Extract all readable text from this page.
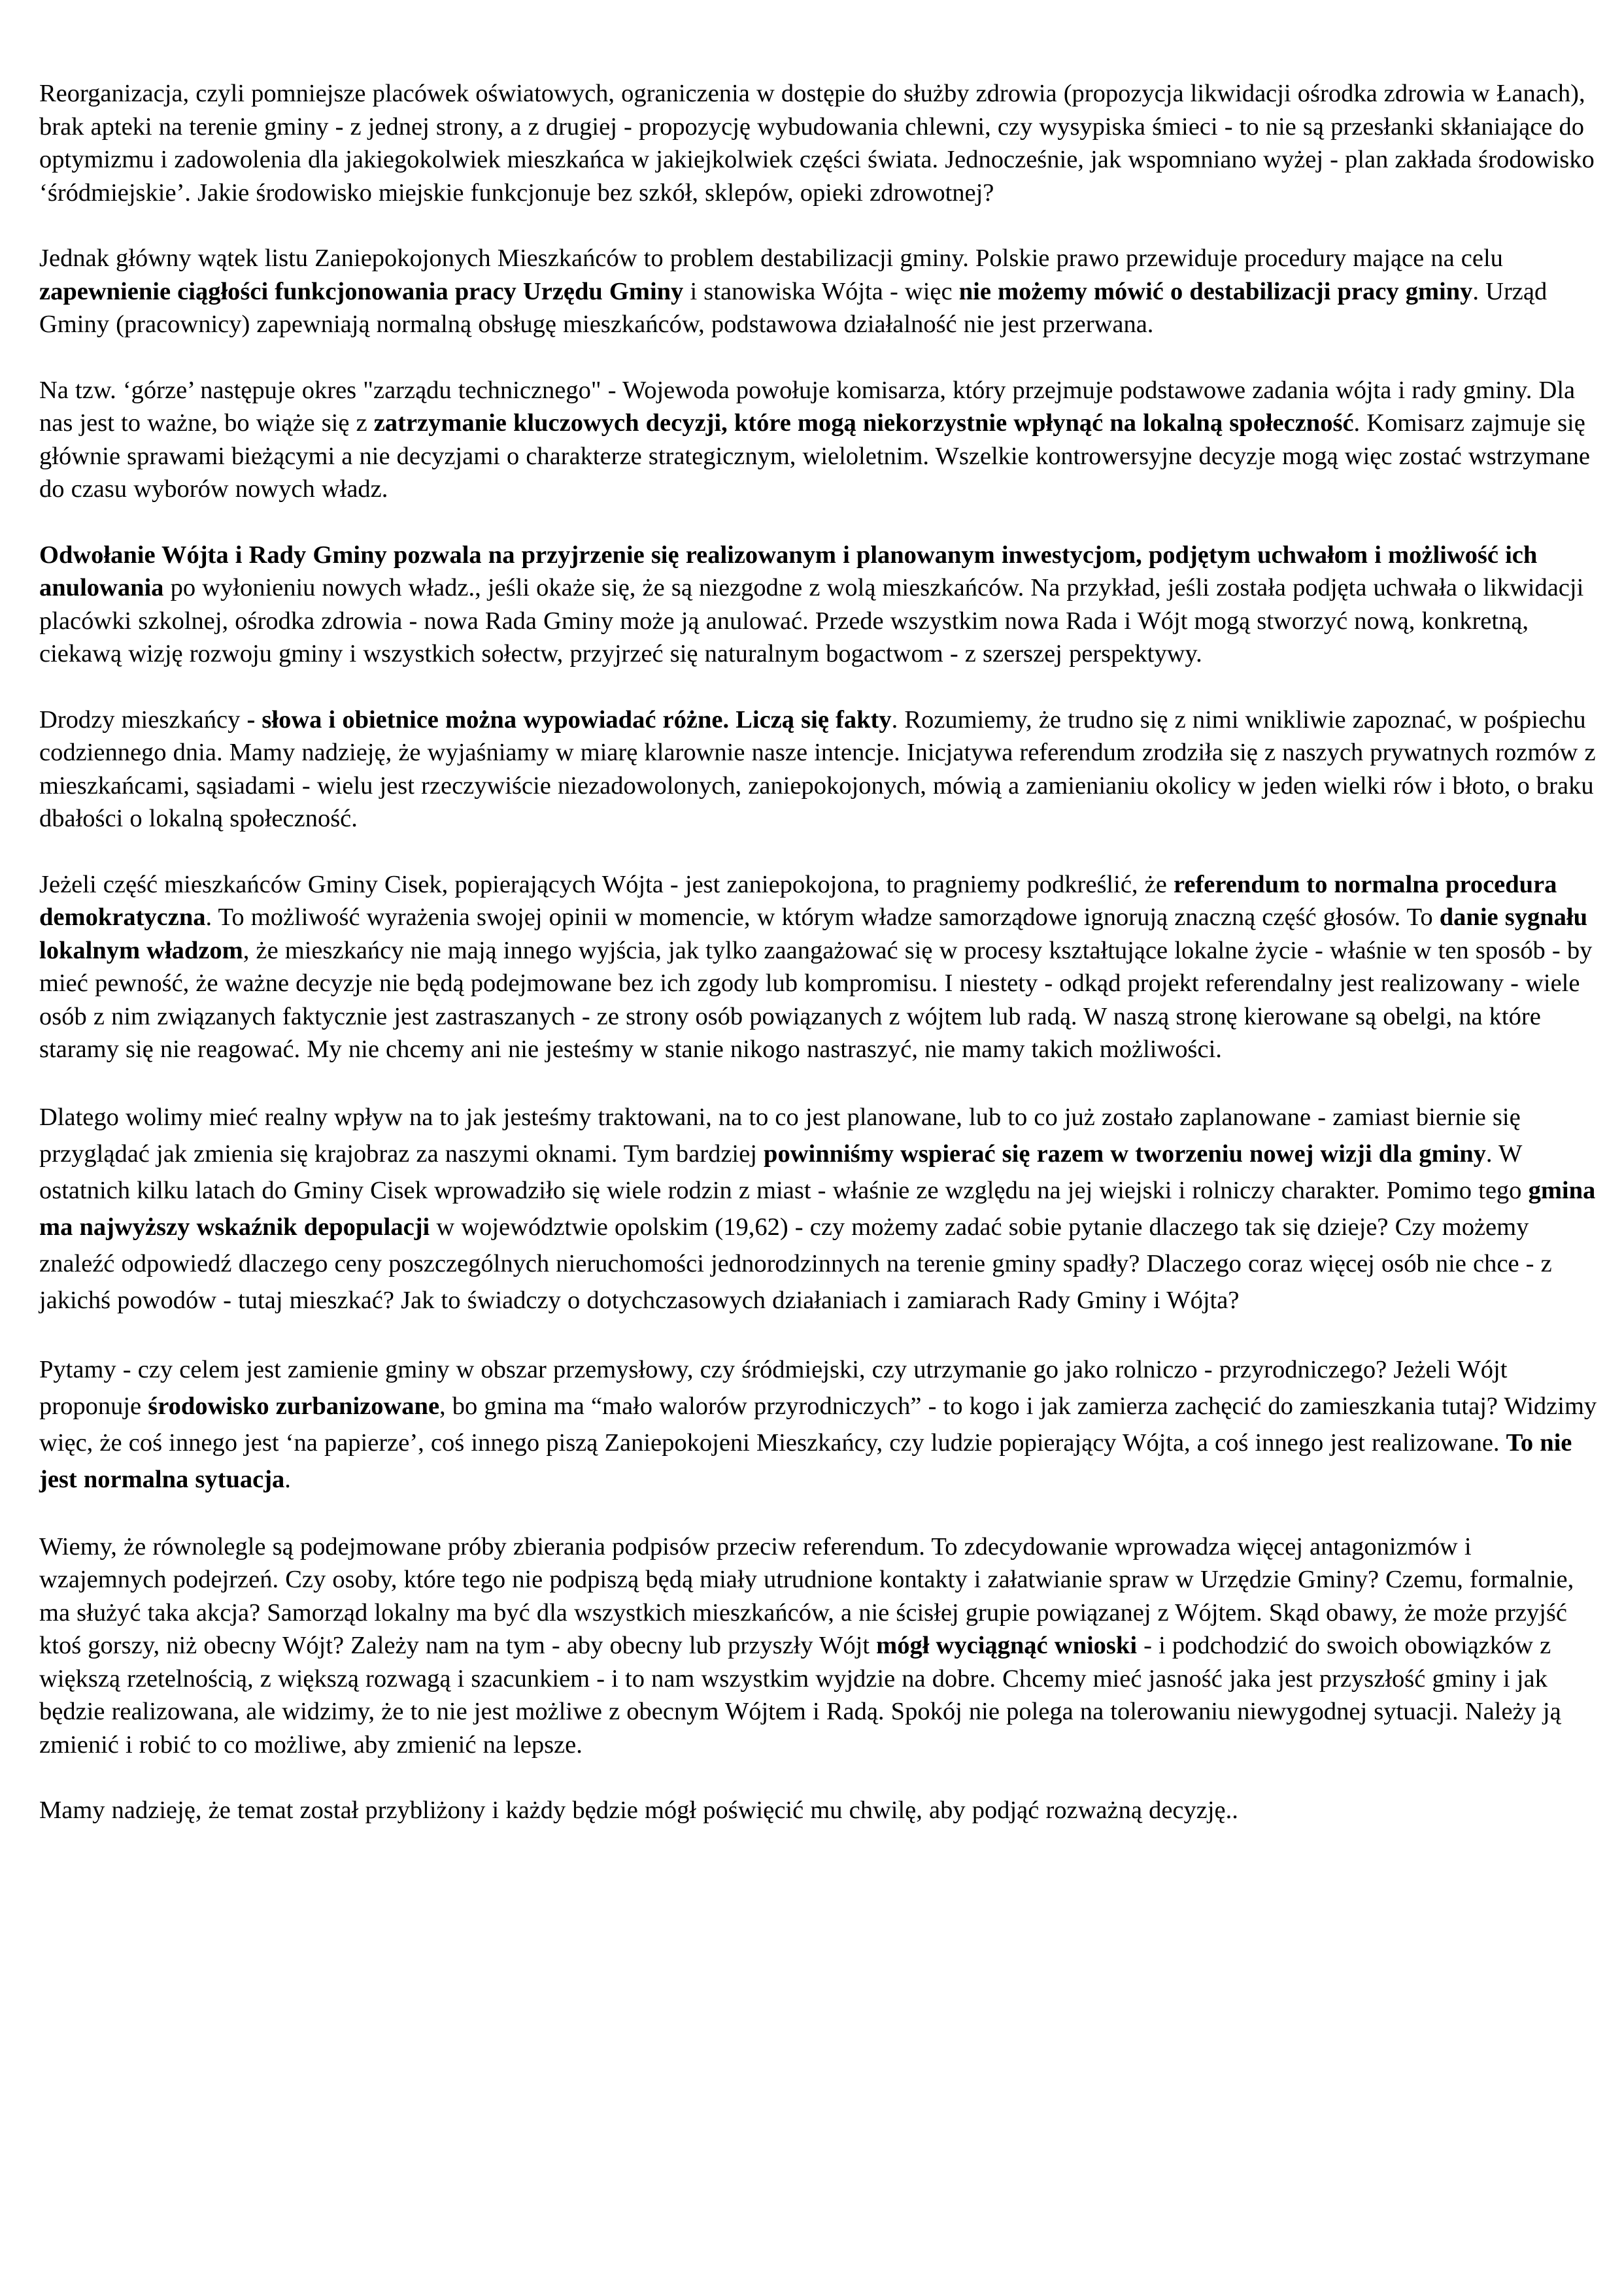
Reorganizacja, czyli pomniejsze placówek oświatowych, ograniczenia w dostępie do służby zdrowia (propozycja likwidacji ośrodka zdrowia w Łanach), brak apteki na terenie gminy - z jednej strony, a z drugiej - propozycję wybudowania chlewni, czy wysypiska śmieci - to nie są przesłanki skłaniające do optymizmu i zadowolenia dla jakiegokolwiek mieszkańca w jakiejkolwiek części świata. Jednocześnie, jak wspomniano wyżej - plan zakłada środowisko ‘śródmiejskie’. Jakie środowisko miejskie funkcjonuje bez szkół, sklepów, opieki zdrowotnej?

Jednak główny wątek listu Zaniepokojonych Mieszkańców to problem destabilizacji gminy. Polskie prawo przewiduje procedury mające na celu zapewnienie ciągłości funkcjonowania pracy Urzędu Gminy i stanowiska Wójta - więc nie możemy mówić o destabilizacji pracy gminy. Urząd Gminy (pracownicy) zapewniają normalną obsługę mieszkańców, podstawowa działalność nie jest przerwana.

Na tzw. ‘górze’ następuje okres "zarządu technicznego" - Wojewoda powołuje komisarza, który przejmuje podstawowe zadania wójta i rady gminy. Dla nas jest to ważne, bo wiąże się z zatrzymanie kluczowych decyzji, które mogą niekorzystnie wpłynąć na lokalną społeczność. Komisarz zajmuje się głównie sprawami bieżącymi a nie decyzjami o charakterze strategicznym, wieloletnim. Wszelkie kontrowersyjne decyzje mogą więc zostać wstrzymane do czasu wyborów nowych władz.

Odwołanie Wójta i Rady Gminy pozwala na przyjrzenie się realizowanym i planowanym inwestycjom, podjętym uchwałom i możliwość ich anulowania po wyłonieniu nowych władz., jeśli okaże się, że są niezgodne z wolą mieszkańców. Na przykład, jeśli została podjęta uchwała o likwidacji placówki szkolnej, ośrodka zdrowia - nowa Rada Gminy może ją anulować. Przede wszystkim nowa Rada i Wójt mogą stworzyć nową, konkretną, ciekawą wizję rozwoju gminy i wszystkich sołectw, przyjrzeć się naturalnym bogactwom - z szerszej perspektywy.

Drodzy mieszkańcy - słowa i obietnice można wypowiadać różne. Liczą się fakty. Rozumiemy, że trudno się z nimi wnikliwie zapoznać, w pośpiechu codziennego dnia. Mamy nadzieję, że wyjaśniamy w miarę klarownie nasze intencje. Inicjatywa referendum zrodziła się z naszych prywatnych rozmów z mieszkańcami, sąsiadami - wielu jest rzeczywiście niezadowolonych, zaniepokojonych, mówią a zamienianiu okolicy w jeden wielki rów i błoto, o braku dbałości o lokalną społeczność.

Jeżeli część mieszkańców Gminy Cisek, popierających Wójta - jest zaniepokojona, to pragniemy podkreślić, że referendum to normalna procedura demokratyczna. To możliwość wyrażenia swojej opinii w momencie, w którym władze samorządowe ignorują znaczną część głosów. To danie sygnału lokalnym władzom, że mieszkańcy nie mają innego wyjścia, jak tylko zaangażować się w procesy kształtujące lokalne życie - właśnie w ten sposób - by mieć pewność, że ważne decyzje nie będą podejmowane bez ich zgody lub kompromisu. I niestety - odkąd projekt referendalny jest realizowany - wiele osób z nim związanych faktycznie jest zastraszanych - ze strony osób powiązanych z wójtem lub radą. W naszą stronę kierowane są obelgi, na które staramy się nie reagować. My nie chcemy ani nie jesteśmy w stanie nikogo nastraszyć, nie mamy takich możliwości.

Dlatego wolimy mieć realny wpływ na to jak jesteśmy traktowani, na to co jest planowane, lub to co już zostało zaplanowane - zamiast biernie się przyglądać jak zmienia się krajobraz za naszymi oknami. Tym bardziej powinniśmy wspierać się razem w tworzeniu nowej wizji dla gminy. W ostatnich kilku latach do Gminy Cisek wprowadziło się wiele rodzin z miast - właśnie ze względu na jej wiejski i rolniczy charakter. Pomimo tego gmina ma najwyższy wskaźnik depopulacji w województwie opolskim (19,62) - czy możemy zadać sobie pytanie dlaczego tak się dzieje? Czy możemy znaleźć odpowiedź dlaczego ceny poszczególnych nieruchomości jednorodzinnych na terenie gminy spadły? Dlaczego coraz więcej osób nie chce - z jakichś powodów - tutaj mieszkać? Jak to świadczy o dotychczasowych działaniach i zamiarach Rady Gminy i Wójta?

Pytamy - czy celem jest zamienie gminy w obszar przemysłowy, czy śródmiejski, czy utrzymanie go jako rolniczo - przyrodniczego? Jeżeli Wójt proponuje środowisko zurbanizowane, bo gmina ma “mało walorów przyrodniczych” - to kogo i jak zamierza zachęcić do zamieszkania tutaj? Widzimy więc, że coś innego jest ‘na papierze’, coś innego piszą Zaniepokojeni Mieszkańcy, czy ludzie popierający Wójta, a coś innego jest realizowane. To nie jest normalna sytuacja.

Wiemy, że równolegle są podejmowane próby zbierania podpisów przeciw referendum. To zdecydowanie wprowadza więcej antagonizmów i wzajemnych podejrzeń. Czy osoby, które tego nie podpiszą będą miały utrudnione kontakty i załatwianie spraw w Urzędzie Gminy? Czemu, formalnie, ma służyć taka akcja? Samorząd lokalny ma być dla wszystkich mieszkańców, a nie ścisłej grupie powiązanej z Wójtem. Skąd obawy, że może przyjść ktoś gorszy, niż obecny Wójt? Zależy nam na tym - aby obecny lub przyszły Wójt mógł wyciągnąć wnioski - i podchodzić do swoich obowiązków z większą rzetelnością, z większą rozwagą i szacunkiem - i to nam wszystkim wyjdzie na dobre. Chcemy mieć jasność jaka jest przyszłość gminy i jak będzie realizowana, ale widzimy, że to nie jest możliwe z obecnym Wójtem i Radą. Spokój nie polega na tolerowaniu niewygodnej sytuacji. Należy ją zmienić i robić to co możliwe, aby zmienić na lepsze.

Mamy nadzieję, że temat został przybliżony i każdy będzie mógł poświęcić mu chwilę, aby podjąć rozważną decyzję..
